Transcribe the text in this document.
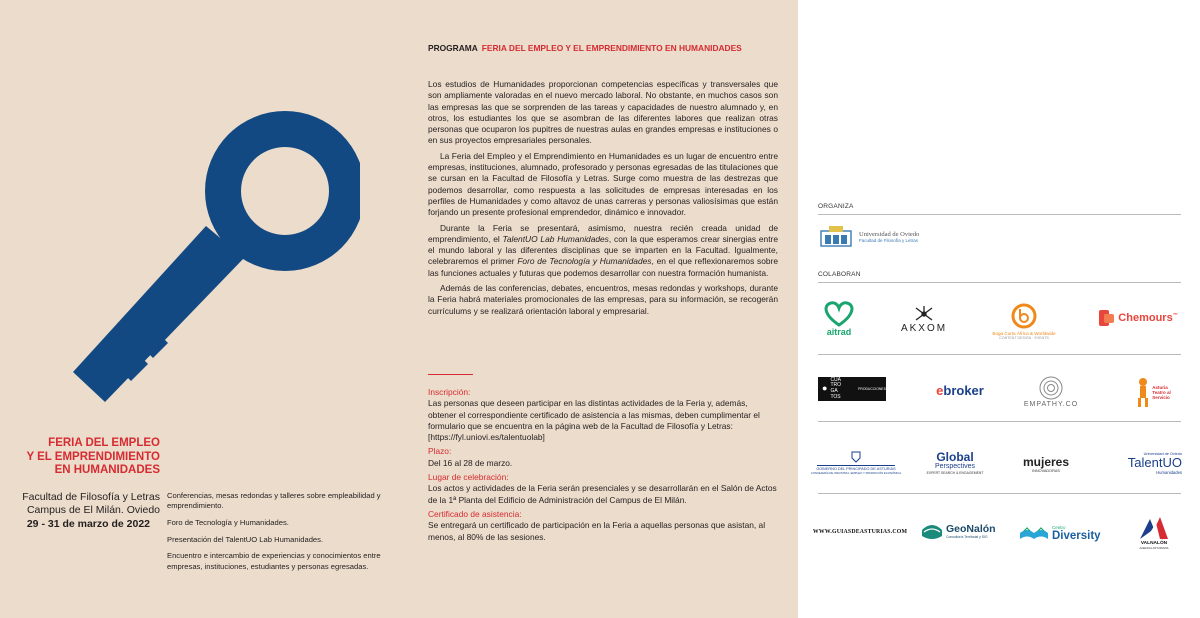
FERIA DEL EMPLEO
Y EL EMPRENDIMIENTO
EN HUMANIDADES
Facultad de Filosofía y Letras
Campus de El Milán. Oviedo
29 - 31 de marzo de 2022
Conferencias, mesas redondas y talleres sobre empleabilidad y emprendimiento.
Foro de Tecnología y Humanidades.
Presentación del TalentUO Lab Humanidades.
Encuentro e intercambio de experiencias y conocimientos entre empresas, instituciones, estudiantes y personas egresadas.
PROGRAMA FERIA DEL EMPLEO Y EL EMPRENDIMIENTO EN HUMANIDADES

Los estudios de Humanidades proporcionan competencias específicas y transversales que son ampliamente valoradas en el nuevo mercado laboral. No obstante, en muchos casos son las empresas las que se sorprenden de las tareas y capacidades de nuestro alumnado y, en otros, los estudiantes los que se asombran de las diferentes labores que realizan otras personas que ocuparon los pupitres de nuestras aulas en grandes empresas e instituciones o en sus proyectos empresariales personales.

La Feria del Empleo y el Emprendimiento en Humanidades es un lugar de encuentro entre empresas, instituciones, alumnado, profesorado y personas egresadas de las titulaciones que se cursan en la Facultad de Filosofía y Letras. Surge como muestra de las destrezas que podemos desarrollar, como respuesta a las solicitudes de empresas interesadas en los perfiles de Humanidades y como altavoz de unas carreras y personas valiosísimas que están forjando un presente profesional emprendedor, dinámico e innovador.

Durante la Feria se presentará, asimismo, nuestra recién creada unidad de emprendimiento, el TalentUO Lab Humanidades, con la que esperamos crear sinergias entre el mundo laboral y las diferentes disciplinas que se imparten en la Facultad. Igualmente, celebraremos el primer Foro de Tecnología y Humanidades, en el que reflexionaremos sobre las funciones actuales y futuras que podemos desarrollar con nuestra formación humanista.

Además de las conferencias, debates, encuentros, mesas redondas y workshops, durante la Feria habrá materiales promocionales de las empresas, para su información, se recogerán currículums y se realizará orientación laboral y empresarial.

Inscripción:
Las personas que deseen participar en las distintas actividades de la Feria y, además, obtener el correspondiente certificado de asistencia a las mismas, deben cumplimentar el formulario que se encuentra en la página web de la Facultad de Filosofía y Letras: [https://fyl.uniovi.es/talentuolab]
Plazo:
Del 16 al 28 de marzo.
Lugar de celebración:
Los actos y actividades de la Feria serán presenciales y se desarrollarán en el Salón de Actos de la 1ª Planta del Edificio de Administración del Campus de El Milán.
Certificado de asistencia:
Se entregará un certificado de participación en la Feria a aquellas personas que asistan, al menos, al 80% de las sesiones.
ORGANIZA
Universidad de Oviedo
Facultad de Filosofía y Letras
COLABORAN
aitrad	AKXOM	Boga Curta África & Worldwide
CONTENT DESIGN · EVENTS
Chemours™
●
CUA
TRO
GA
TOS
PRODUCCIONES	ebroker
EMPATHY.CO
Asturia
Teatro al
Servicio
GOBIERNO DEL PRINCIPADO DE ASTURIAS
CONSEJERÍA DE INDUSTRIA, EMPLEO Y PROMOCIÓN ECONÓMICA
Global
Perspectives
EXPERT SEARCH & ENGAGEMENT
mujeres
INNOVADORAS
Universidad de Oviedo
TalentUO
Humanidades
WWW.GUIASDEASTURIAS.COM	GeoNalón
Consultoría Territorial y SIG
Centro
Diversity
VALNALÓN
AGENCIA ASTURIANA
